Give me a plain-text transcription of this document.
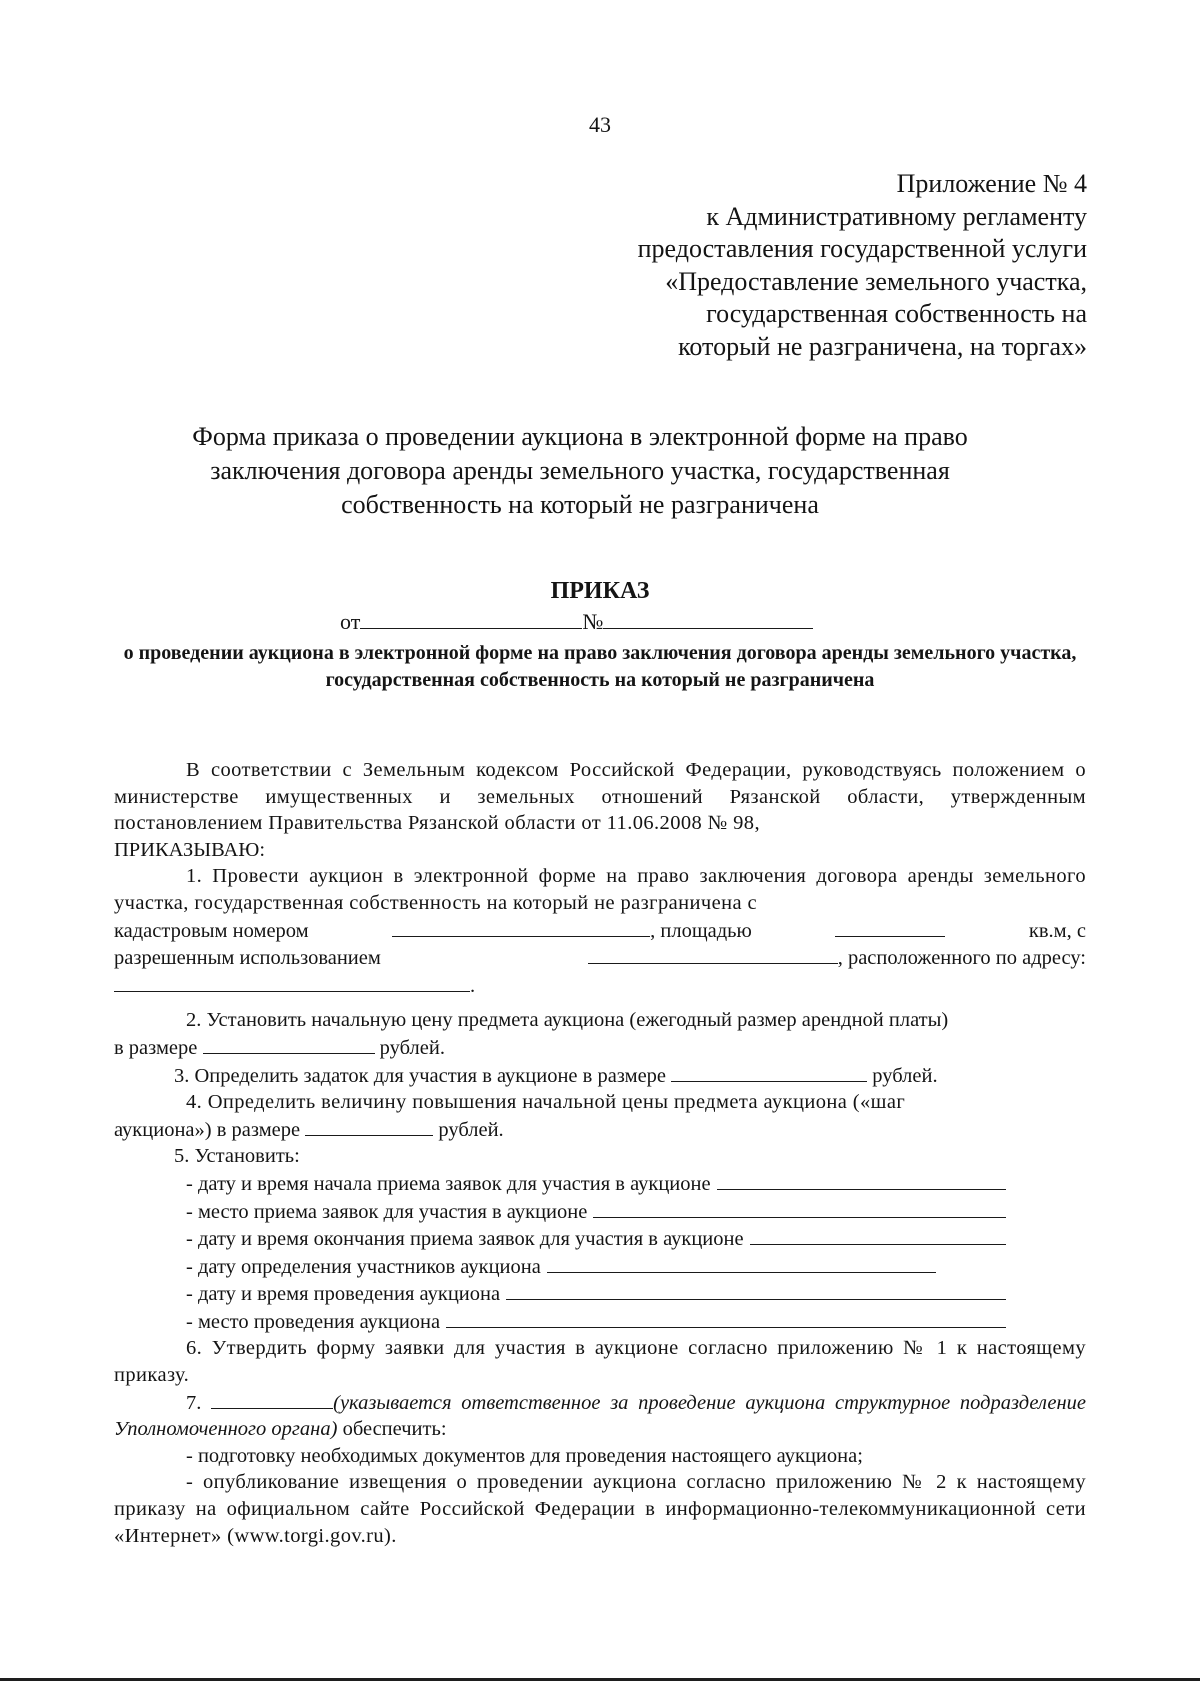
43
Приложение № 4
к Административному регламенту
предоставления государственной услуги
«Предоставление земельного участка,
государственная собственность на
который не разграничена, на торгах»
Форма приказа о проведении аукциона в электронной форме на право заключения договора аренды земельного участка, государственная собственность на который не разграничена
ПРИКАЗ
от	№
о проведении аукциона в электронной форме на право заключения договора аренды земельного участка, государственная собственность на который не разграничена

В соответствии с Земельным кодексом Российской Федерации, руководствуясь положением о министерстве имущественных и земельных отношений Рязанской области, утвержденным постановлением Правительства Рязанской области от 11.06.2008 № 98,

ПРИКАЗЫВАЮ:

1. Провести аукцион в электронной форме на право заключения договора аренды земельного участка, государственная собственность на который не разграничена с

кадастровым номером	, площадью	кв.м, с
разрешенным использованием	, расположенного по адресу:
.

2. Установить начальную цену предмета аукциона (ежегодный размер арендной платы)

в размере	рублей.
3. Определить задаток для участия в аукционе в размере	рублей.

4. Определить величину повышения начальной цены предмета аукциона («шаг

аукциона») в размере	рублей.
5. Установить:
- дату и время начала приема заявок для участия в аукционе
- место приема заявок для участия в аукционе
- дату и время окончания приема заявок для участия в аукционе
- дату определения участников аукциона
- дату и время проведения аукциона
- место проведения аукциона

6. Утвердить форму заявки для участия в аукционе согласно приложению № 1 к настоящему приказу.

7.	(указывается ответственное за проведение аукциона структурное подразделение Уполномоченного органа) обеспечить:

- подготовку необходимых документов для проведения настоящего аукциона;

- опубликование извещения о проведении аукциона согласно приложению № 2 к настоящему приказу на официальном сайте Российской Федерации в информационно-телекоммуникационной сети «Интернет» (www.torgi.gov.ru).
